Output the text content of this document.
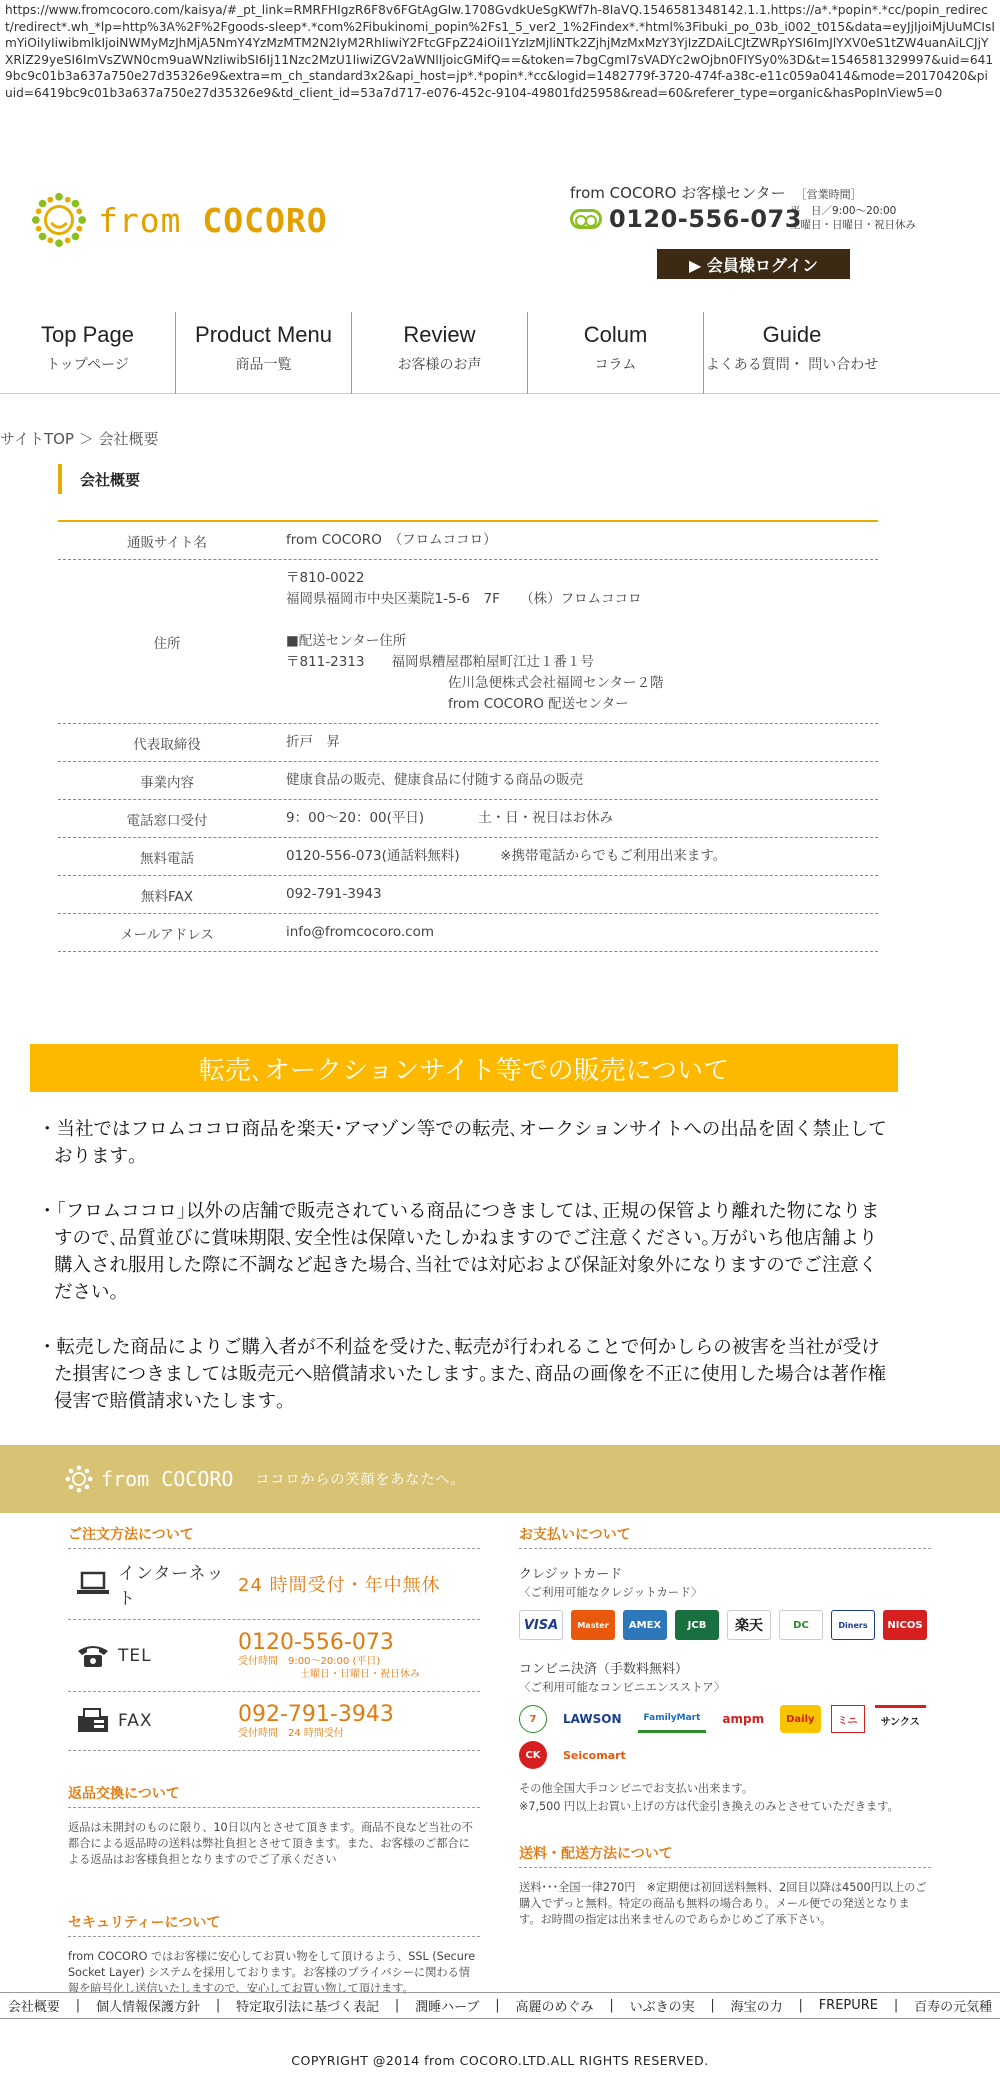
https://www.fromcocoro.com/kaisya/#_pt_link=RMRFHIgzR6F8v6FGtAgGIw.1708GvdkUeSgKWf7h-8IaVQ.1546581348142.1.1.https://a*.*popin*.*cc/popin_redirect/redirect*.wh_*lp=http%3A%2F%2Fgoods-sleep*.*com%2Fibukinomi_popin%2Fs1_5_ver2_1%2Findex*.*html%3Fibuki_po_03b_i002_t015&data=eyJjIjoiMjUuMCIsImYiOiIyIiwibmlkIjoiNWMyMzJhMjA5NmY4YzMzMTM2N2IyM2RhIiwiY2FtcGFpZ24iOiI1YzIzMjliNTk2ZjhjMzMxMzY3YjIzZDAiLCJtZWRpYSI6ImJlYXV0eS1tZW4uanAiLCJjYXRlZ29yeSI6ImVsZWN0cm9uaWNzIiwibSI6Ij11Nzc2MzU1IiwiZGV2aWNlIjoicGMifQ==&token=7bgCgmI7sVADYc2wOjbn0FIYSy0%3D&t=1546581329997&uid=6419bc9c01b3a637a750e27d35326e9&extra=m_ch_standard3x2&api_host=jp*.*popin*.*cc&logid=1482779f-3720-474f-a38c-e11c059a0414&mode=20170420&piuid=6419bc9c01b3a637a750e27d35326e9&td_client_id=53a7d717-e076-452c-9104-49801fd25958&read=60&referer_type=organic&hasPopInView5=0
from COCORO
from COCORO お客様センター ［営業時間］
0120-556-073
平　日／9:00～20:00
土曜日・日曜日・祝日休み
▶ 会員様ログイン
Top Page
トップページ
Product Menu
商品一覧
Review
お客様のお声
Colum
コラム
Guide
よくある質問・ 問い合わせ
サイトTOP ＞ 会社概要
会社概要
通販サイト名	from COCORO　（フロムココロ）
住所
〒810-0022
福岡県福岡市中央区薬院1-5-6　7F　　（株）フロムココロ
■配送センター住所
〒811-2313　　福岡県糟屋郡粕屋町江辻１番１号
　　　　　　　　　　　　佐川急便株式会社福岡センター２階
　　　　　　　　　　　　from COCORO 配送センター
代表取締役	折戸　昇
事業内容	健康食品の販売、健康食品に付随する商品の販売
電話窓口受付	9：00～20：00(平日)　　　　土・日・祝日はお休み
無料電話	0120-556-073(通話料無料)　　　※携帯電話からでもご利用出来ます。
無料FAX	092-791-3943
メールアドレス	info@fromcocoro.com
転売､オークションサイト等での販売について
・当社ではフロムココロ商品を楽天･アマゾン等での転売､オークションサイトへの出品を固く禁止しております｡
・｢フロムココロ｣以外の店舗で販売されている商品につきましては､正規の保管より離れた物になりますので､品質並びに賞味期限､安全性は保障いたしかねますのでご注意ください｡万がいち他店舗より購入され服用した際に不調など起きた場合､当社では対応および保証対象外になりますのでご注意ください｡
・転売した商品によりご購入者が不利益を受けた､転売が行われることで何かしらの被害を当社が受けた損害につきましては販売元へ賠償請求いたします｡また､商品の画像を不正に使用した場合は著作権侵害で賠償請求いたします｡
from COCORO ココロからの笑顔をあなたへ。
ご注文方法について
インターネット
24 時間受付・年中無休
TEL
0120-556-073
受付時間　9:00～20:00 (平日)
土曜日・日曜日・祝日休み
FAX	092-791-3943
受付時間　24 時間受付
返品交換について
返品は未開封のものに限り、10日以内とさせて頂きます。商品不良など当社の不都合による返品時の送料は弊社負担とさせて頂きます。また、お客様のご都合による返品はお客様負担となりますのでご了承ください
セキュリティーについて
from COCORO ではお客様に安心してお買い物をして頂けるよう、SSL (Secure Socket Layer) システムを採用しております。お客様のプライバシーに関わる情報を暗号化し送信いたしますので、安心してお買い物して頂けます。
お支払いについて
クレジットカード
〈ご利用可能なクレジットカード〉
VISA	Master	AMEX	JCB	楽天	DC	Diners	NICOS
コンビニ決済（手数料無料）
〈ご利用可能なコンビニエンスストア〉
7	LAWSON	FamilyMart	ampm	Daily	ミニ	サンクス
CK	Seicomart
その他全国大手コンビニでお支払い出来ます。
※7,500 円以上お買い上げの方は代金引き換えのみとさせていただきます。
送料・配送方法について
送料･･･全国一律270円　※定期便は初回送料無料、2回目以降は4500円以上のご購入でずっと無料。特定の商品も無料の場合あり。メール便での発送となります。お時間の指定は出来ませんのであらかじめご了承下さい。
会社概要 | 個人情報保護方針 | 特定取引法に基づく表記 | 潤睡ハーブ | 高麗のめぐみ | いぶきの実 | 海宝の力 | FREPURE | 百寿の元気種
COPYRIGHT @2014 from COCORO.LTD.ALL RIGHTS RESERVED.
